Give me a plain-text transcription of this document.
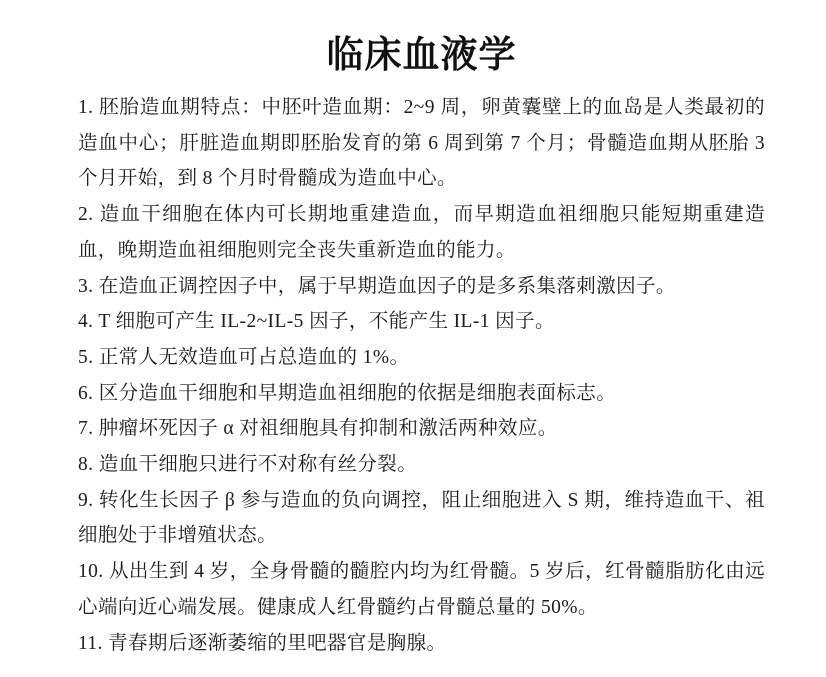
临床血液学

1. 胚胎造血期特点：中胚叶造血期：2~9 周，卵黄囊壁上的血岛是人类最初的造血中心；肝脏造血期即胚胎发育的第 6 周到第 7 个月；骨髓造血期从胚胎 3 个月开始，到 8 个月时骨髓成为造血中心。

2. 造血干细胞在体内可长期地重建造血，而早期造血祖细胞只能短期重建造血，晚期造血祖细胞则完全丧失重新造血的能力。

3. 在造血正调控因子中，属于早期造血因子的是多系集落刺激因子。

4. T 细胞可产生 IL-2~IL-5 因子，不能产生 IL-1 因子。

5. 正常人无效造血可占总造血的 1%。

6. 区分造血干细胞和早期造血祖细胞的依据是细胞表面标志。

7. 肿瘤坏死因子 α 对祖细胞具有抑制和激活两种效应。

8. 造血干细胞只进行不对称有丝分裂。

9. 转化生长因子 β 参与造血的负向调控，阻止细胞进入 S 期，维持造血干、祖细胞处于非增殖状态。

10. 从出生到 4 岁，全身骨髓的髓腔内均为红骨髓。5 岁后，红骨髓脂肪化由远心端向近心端发展。健康成人红骨髓约占骨髓总量的 50%。

11. 青春期后逐渐萎缩的里吧器官是胸腺。
